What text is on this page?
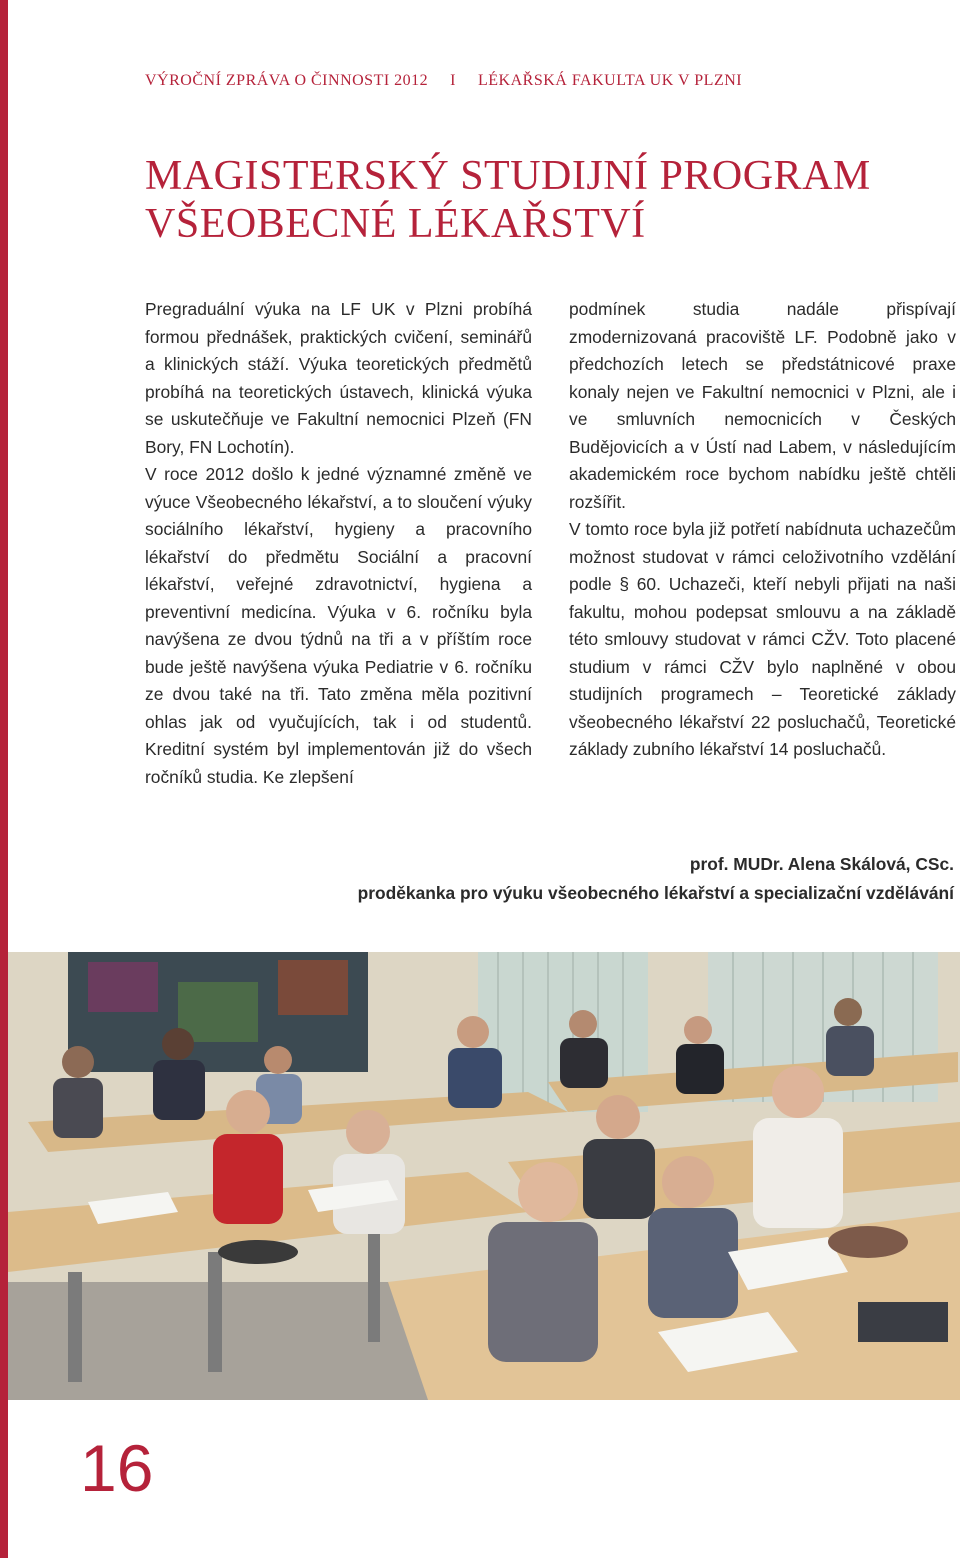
VÝROČNÍ ZPRÁVA O ČINNOSTI 2012 I LÉKAŘSKÁ FAKULTA UK V PLZNI
MAGISTERSKÝ STUDIJNÍ PROGRAM
VŠEOBECNÉ LÉKAŘSTVÍ

Pregraduální výuka na LF UK v Plzni probíhá formou přednášek, praktických cvičení, seminářů a klinických stáží. Výuka teoretických předmětů probíhá na teoretických ústavech, klinická výuka se uskutečňuje ve Fakultní nemocnici Plzeň (FN Bory, FN Lochotín).

V roce 2012 došlo k jedné významné změně ve výuce Všeobecného lékařství, a to sloučení výuky sociálního lékařství, hygieny a pracovního lékařství do předmětu Sociální a pracovní lékařství, veřejné zdravotnictví, hygiena a preventivní medicína. Výuka v 6. ročníku byla navýšena ze dvou týdnů na tři a v příštím roce bude ještě navýšena výuka Pediatrie v 6. ročníku ze dvou také na tři. Tato změna měla pozitivní ohlas jak od vyučujících, tak i od studentů. Kreditní systém byl implementován již do všech ročníků studia. Ke zlepšení

podmínek studia nadále přispívají zmodernizovaná pracoviště LF. Podobně jako v předchozích letech se předstátnicové praxe konaly nejen ve Fakultní nemocnici v Plzni, ale i ve smluvních nemocnicích v Českých Budějovicích a v Ústí nad Labem, v následujícím akademickém roce bychom nabídku ještě chtěli rozšířit.

V tomto roce byla již potřetí nabídnuta uchazečům možnost studovat v rámci celoživotního vzdělání podle § 60. Uchazeči, kteří nebyli přijati na naši fakultu, mohou podepsat smlouvu a na základě této smlouvy studovat v rámci CŽV. Toto placené studium v rámci CŽV bylo naplněné v obou studijních programech – Teoretické základy všeobecného lékařství 22 posluchačů, Teoretické základy zubního lékařství 14 posluchačů.

prof. MUDr. Alena Skálová, CSc.
proděkanka pro výuku všeobecného lékařství a specializační vzdělávání
16
